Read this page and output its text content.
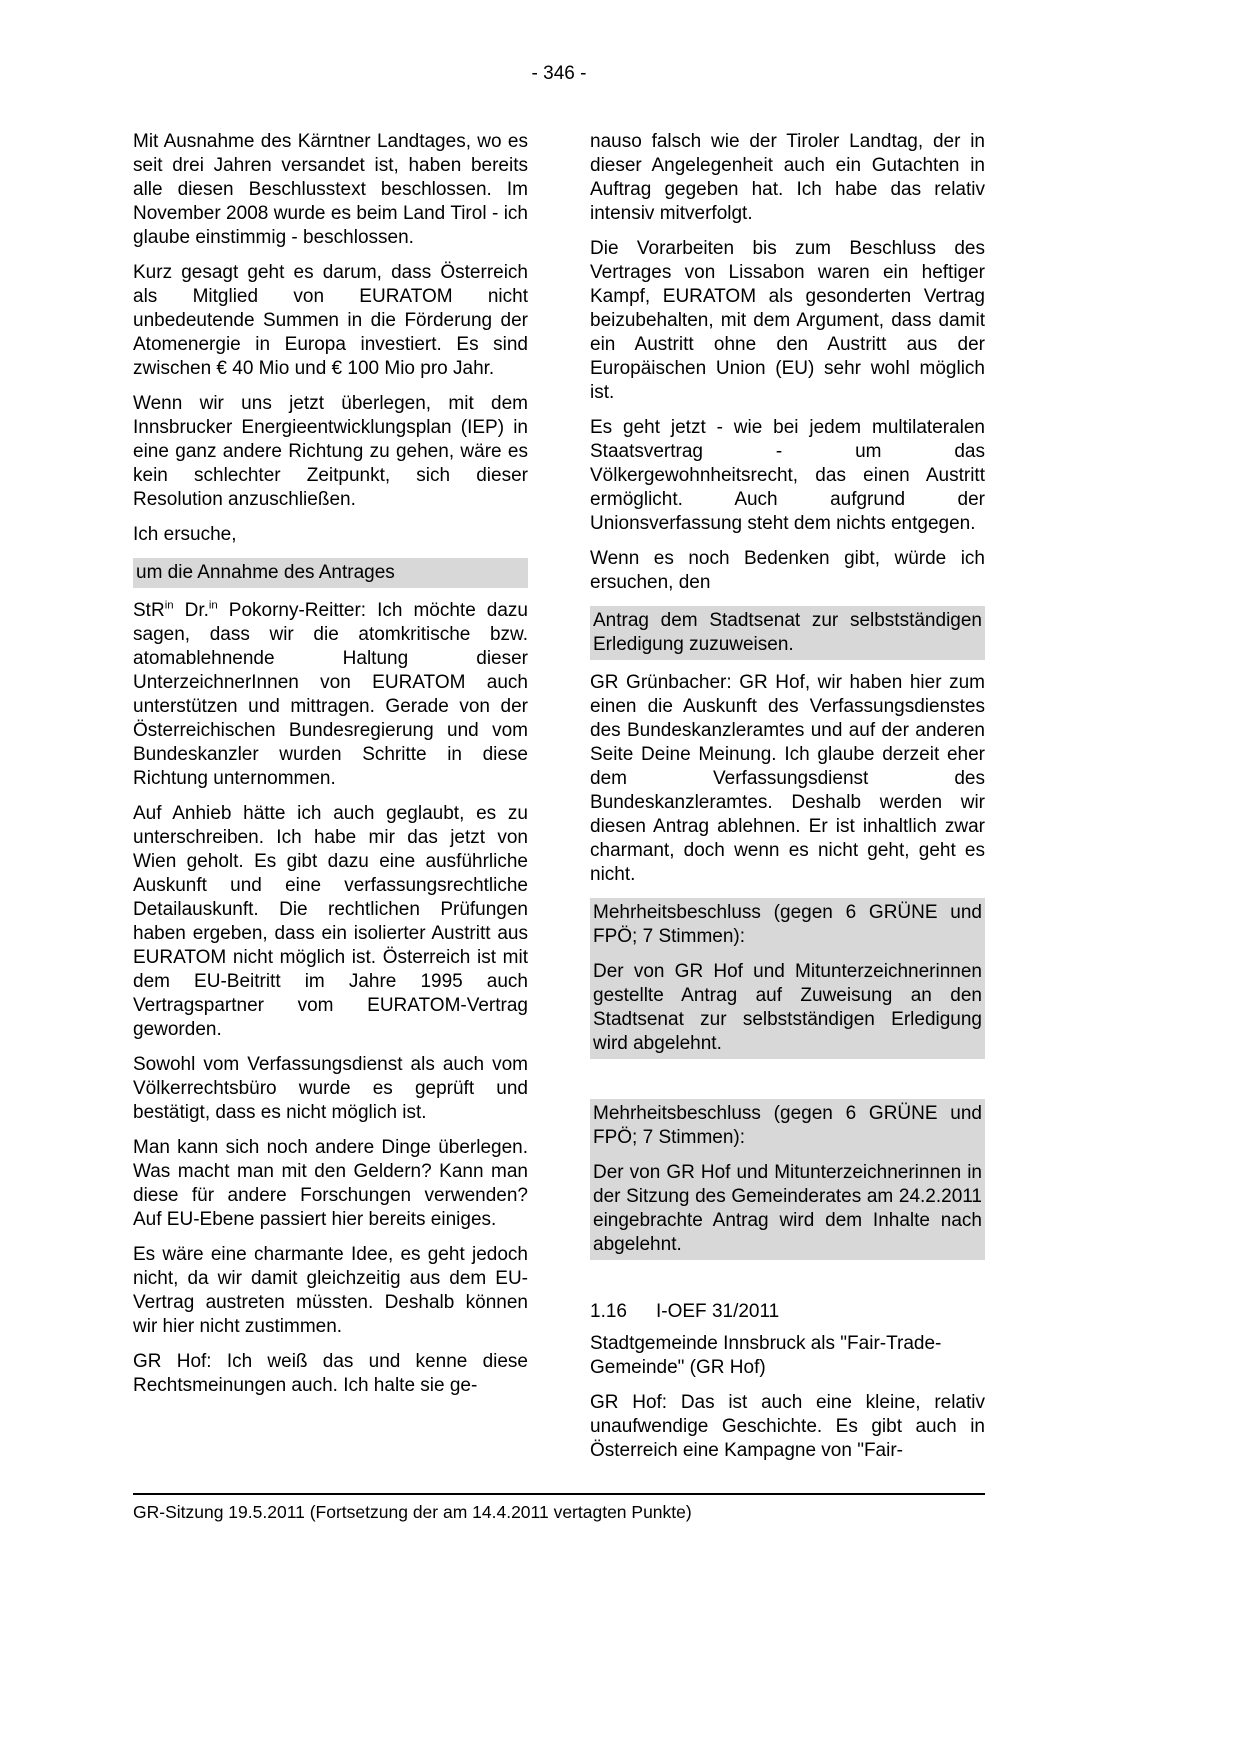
- 346 -

Mit Ausnahme des Kärntner Landtages, wo es seit drei Jahren versandet ist, haben bereits alle diesen Beschlusstext beschlossen. Im November 2008 wurde es beim Land Tirol - ich glaube einstimmig - beschlossen.

Kurz gesagt geht es darum, dass Österreich als Mitglied von EURATOM nicht unbedeutende Summen in die Förderung der Atomenergie in Europa investiert. Es sind zwischen € 40 Mio und € 100 Mio pro Jahr.

Wenn wir uns jetzt überlegen, mit dem Innsbrucker Energieentwicklungsplan (IEP) in eine ganz andere Richtung zu gehen, wäre es kein schlechter Zeitpunkt, sich dieser Resolution anzuschließen.

Ich ersuche,

um die Annahme des Antrages

StR$^{in}$ Dr.$^{in}$ Pokorny-Reitter: Ich möchte dazu sagen, dass wir die atomkritische bzw. atomablehnende Haltung dieser UnterzeichnerInnen von EURATOM auch unterstützen und mittragen. Gerade von der Österreichischen Bundesregierung und vom Bundeskanzler wurden Schritte in diese Richtung unternommen.

Auf Anhieb hätte ich auch geglaubt, es zu unterschreiben. Ich habe mir das jetzt von Wien geholt. Es gibt dazu eine ausführliche Auskunft und eine verfassungsrechtliche Detailauskunft. Die rechtlichen Prüfungen haben ergeben, dass ein isolierter Austritt aus EURATOM nicht möglich ist. Österreich ist mit dem EU-Beitritt im Jahre 1995 auch Vertragspartner vom EURATOM-Vertrag geworden.

Sowohl vom Verfassungsdienst als auch vom Völkerrechtsbüro wurde es geprüft und bestätigt, dass es nicht möglich ist.

Man kann sich noch andere Dinge überlegen. Was macht man mit den Geldern? Kann man diese für andere Forschungen verwenden? Auf EU-Ebene passiert hier bereits einiges.

Es wäre eine charmante Idee, es geht jedoch nicht, da wir damit gleichzeitig aus dem EU-Vertrag austreten müssten. Deshalb können wir hier nicht zustimmen.

GR Hof: Ich weiß das und kenne diese Rechtsmeinungen auch. Ich halte sie ge-

nauso falsch wie der Tiroler Landtag, der in dieser Angelegenheit auch ein Gutachten in Auftrag gegeben hat. Ich habe das relativ intensiv mitverfolgt.

Die Vorarbeiten bis zum Beschluss des Vertrages von Lissabon waren ein heftiger Kampf, EURATOM als gesonderten Vertrag beizubehalten, mit dem Argument, dass damit ein Austritt ohne den Austritt aus der Europäischen Union (EU) sehr wohl möglich ist.

Es geht jetzt - wie bei jedem multilateralen Staatsvertrag - um das Völkergewohnheitsrecht, das einen Austritt ermöglicht. Auch aufgrund der Unionsverfassung steht dem nichts entgegen.

Wenn es noch Bedenken gibt, würde ich ersuchen, den

Antrag dem Stadtsenat zur selbstständigen Erledigung zuzuweisen.

GR Grünbacher: GR Hof, wir haben hier zum einen die Auskunft des Verfassungsdienstes des Bundeskanzleramtes und auf der anderen Seite Deine Meinung. Ich glaube derzeit eher dem Verfassungsdienst des Bundeskanzleramtes. Deshalb werden wir diesen Antrag ablehnen. Er ist inhaltlich zwar charmant, doch wenn es nicht geht, geht es nicht.

Mehrheitsbeschluss (gegen 6 GRÜNE und FPÖ; 7 Stimmen):

Der von GR Hof und Mitunterzeichnerinnen gestellte Antrag auf Zuweisung an den Stadtsenat zur selbstständigen Erledigung wird abgelehnt.

Mehrheitsbeschluss (gegen 6 GRÜNE und FPÖ; 7 Stimmen):

Der von GR Hof und Mitunterzeichnerinnen in der Sitzung des Gemeinderates am 24.2.2011 eingebrachte Antrag wird dem Inhalte nach abgelehnt.

1.16	I-OEF 31/2011

Stadtgemeinde Innsbruck als "Fair-Trade-Gemeinde" (GR Hof)

GR Hof: Das ist auch eine kleine, relativ unaufwendige Geschichte. Es gibt auch in Österreich eine Kampagne von "Fair-

GR-Sitzung 19.5.2011 (Fortsetzung der am 14.4.2011 vertagten Punkte)
